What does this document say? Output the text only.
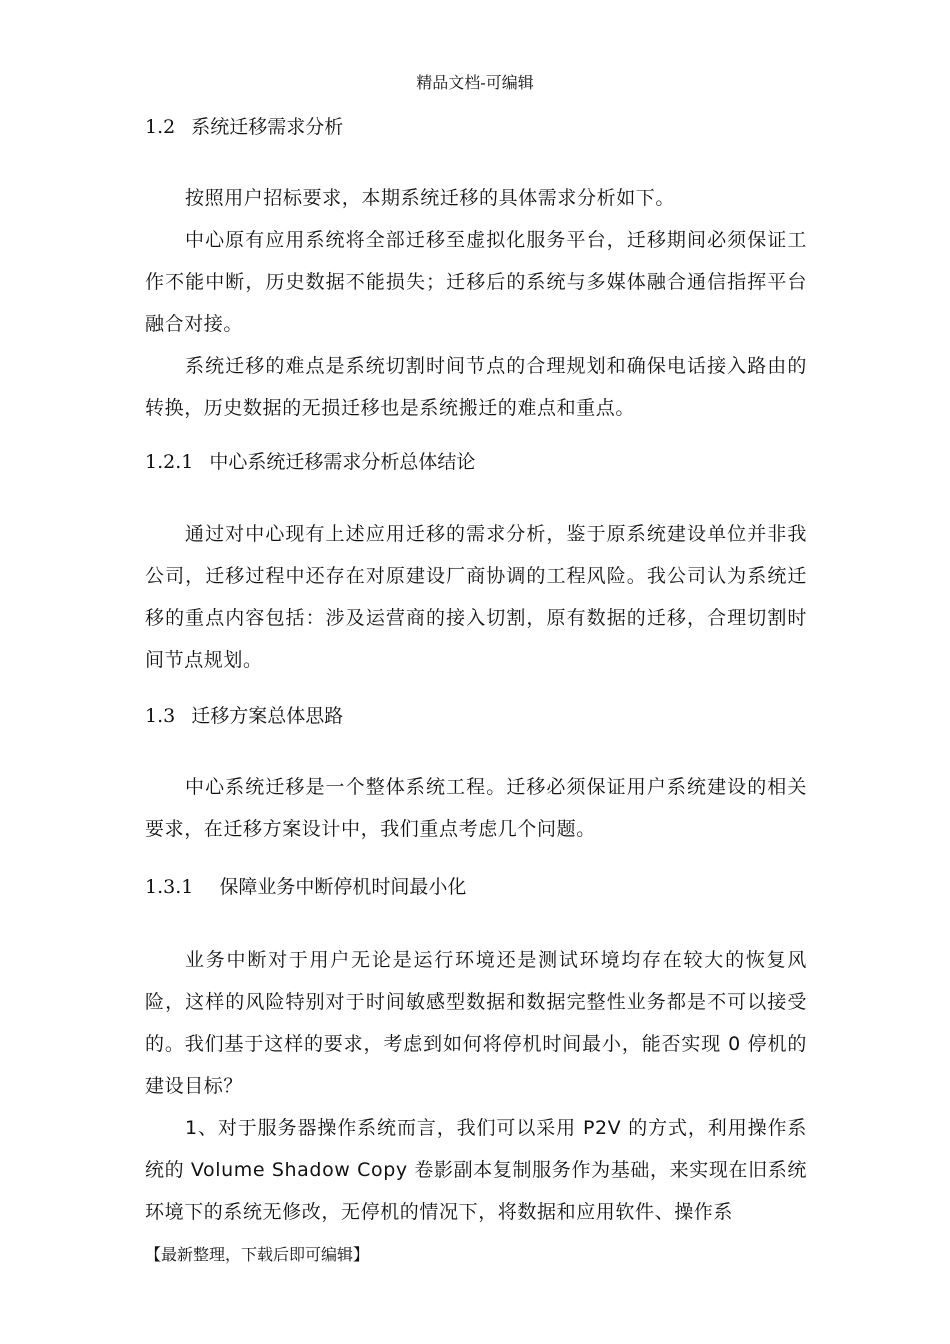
精品文档-可编辑
1.2 系统迁移需求分析

按照用户招标要求，本期系统迁移的具体需求分析如下。

中心原有应用系统将全部迁移至虚拟化服务平台，迁移期间必须保证工作不能中断，历史数据不能损失；迁移后的系统与多媒体融合通信指挥平台融合对接。

系统迁移的难点是系统切割时间节点的合理规划和确保电话接入路由的转换，历史数据的无损迁移也是系统搬迁的难点和重点。

1.2.1 中心系统迁移需求分析总体结论

通过对中心现有上述应用迁移的需求分析，鉴于原系统建设单位并非我公司，迁移过程中还存在对原建设厂商协调的工程风险。我公司认为系统迁移的重点内容包括：涉及运营商的接入切割，原有数据的迁移，合理切割时间节点规划。

1.3 迁移方案总体思路

中心系统迁移是一个整体系统工程。迁移必须保证用户系统建设的相关要求，在迁移方案设计中，我们重点考虑几个问题。

1.3.1 保障业务中断停机时间最小化

业务中断对于用户无论是运行环境还是测试环境均存在较大的恢复风险，这样的风险特别对于时间敏感型数据和数据完整性业务都是不可以接受的。我们基于这样的要求，考虑到如何将停机时间最小，能否实现 0 停机的建设目标？

1、对于服务器操作系统而言，我们可以采用 P2V 的方式，利用操作系统的 Volume Shadow Copy 卷影副本复制服务作为基础，来实现在旧系统环境下的系统无修改，无停机的情况下，将数据和应用软件、操作系

【最新整理，下载后即可编辑】
